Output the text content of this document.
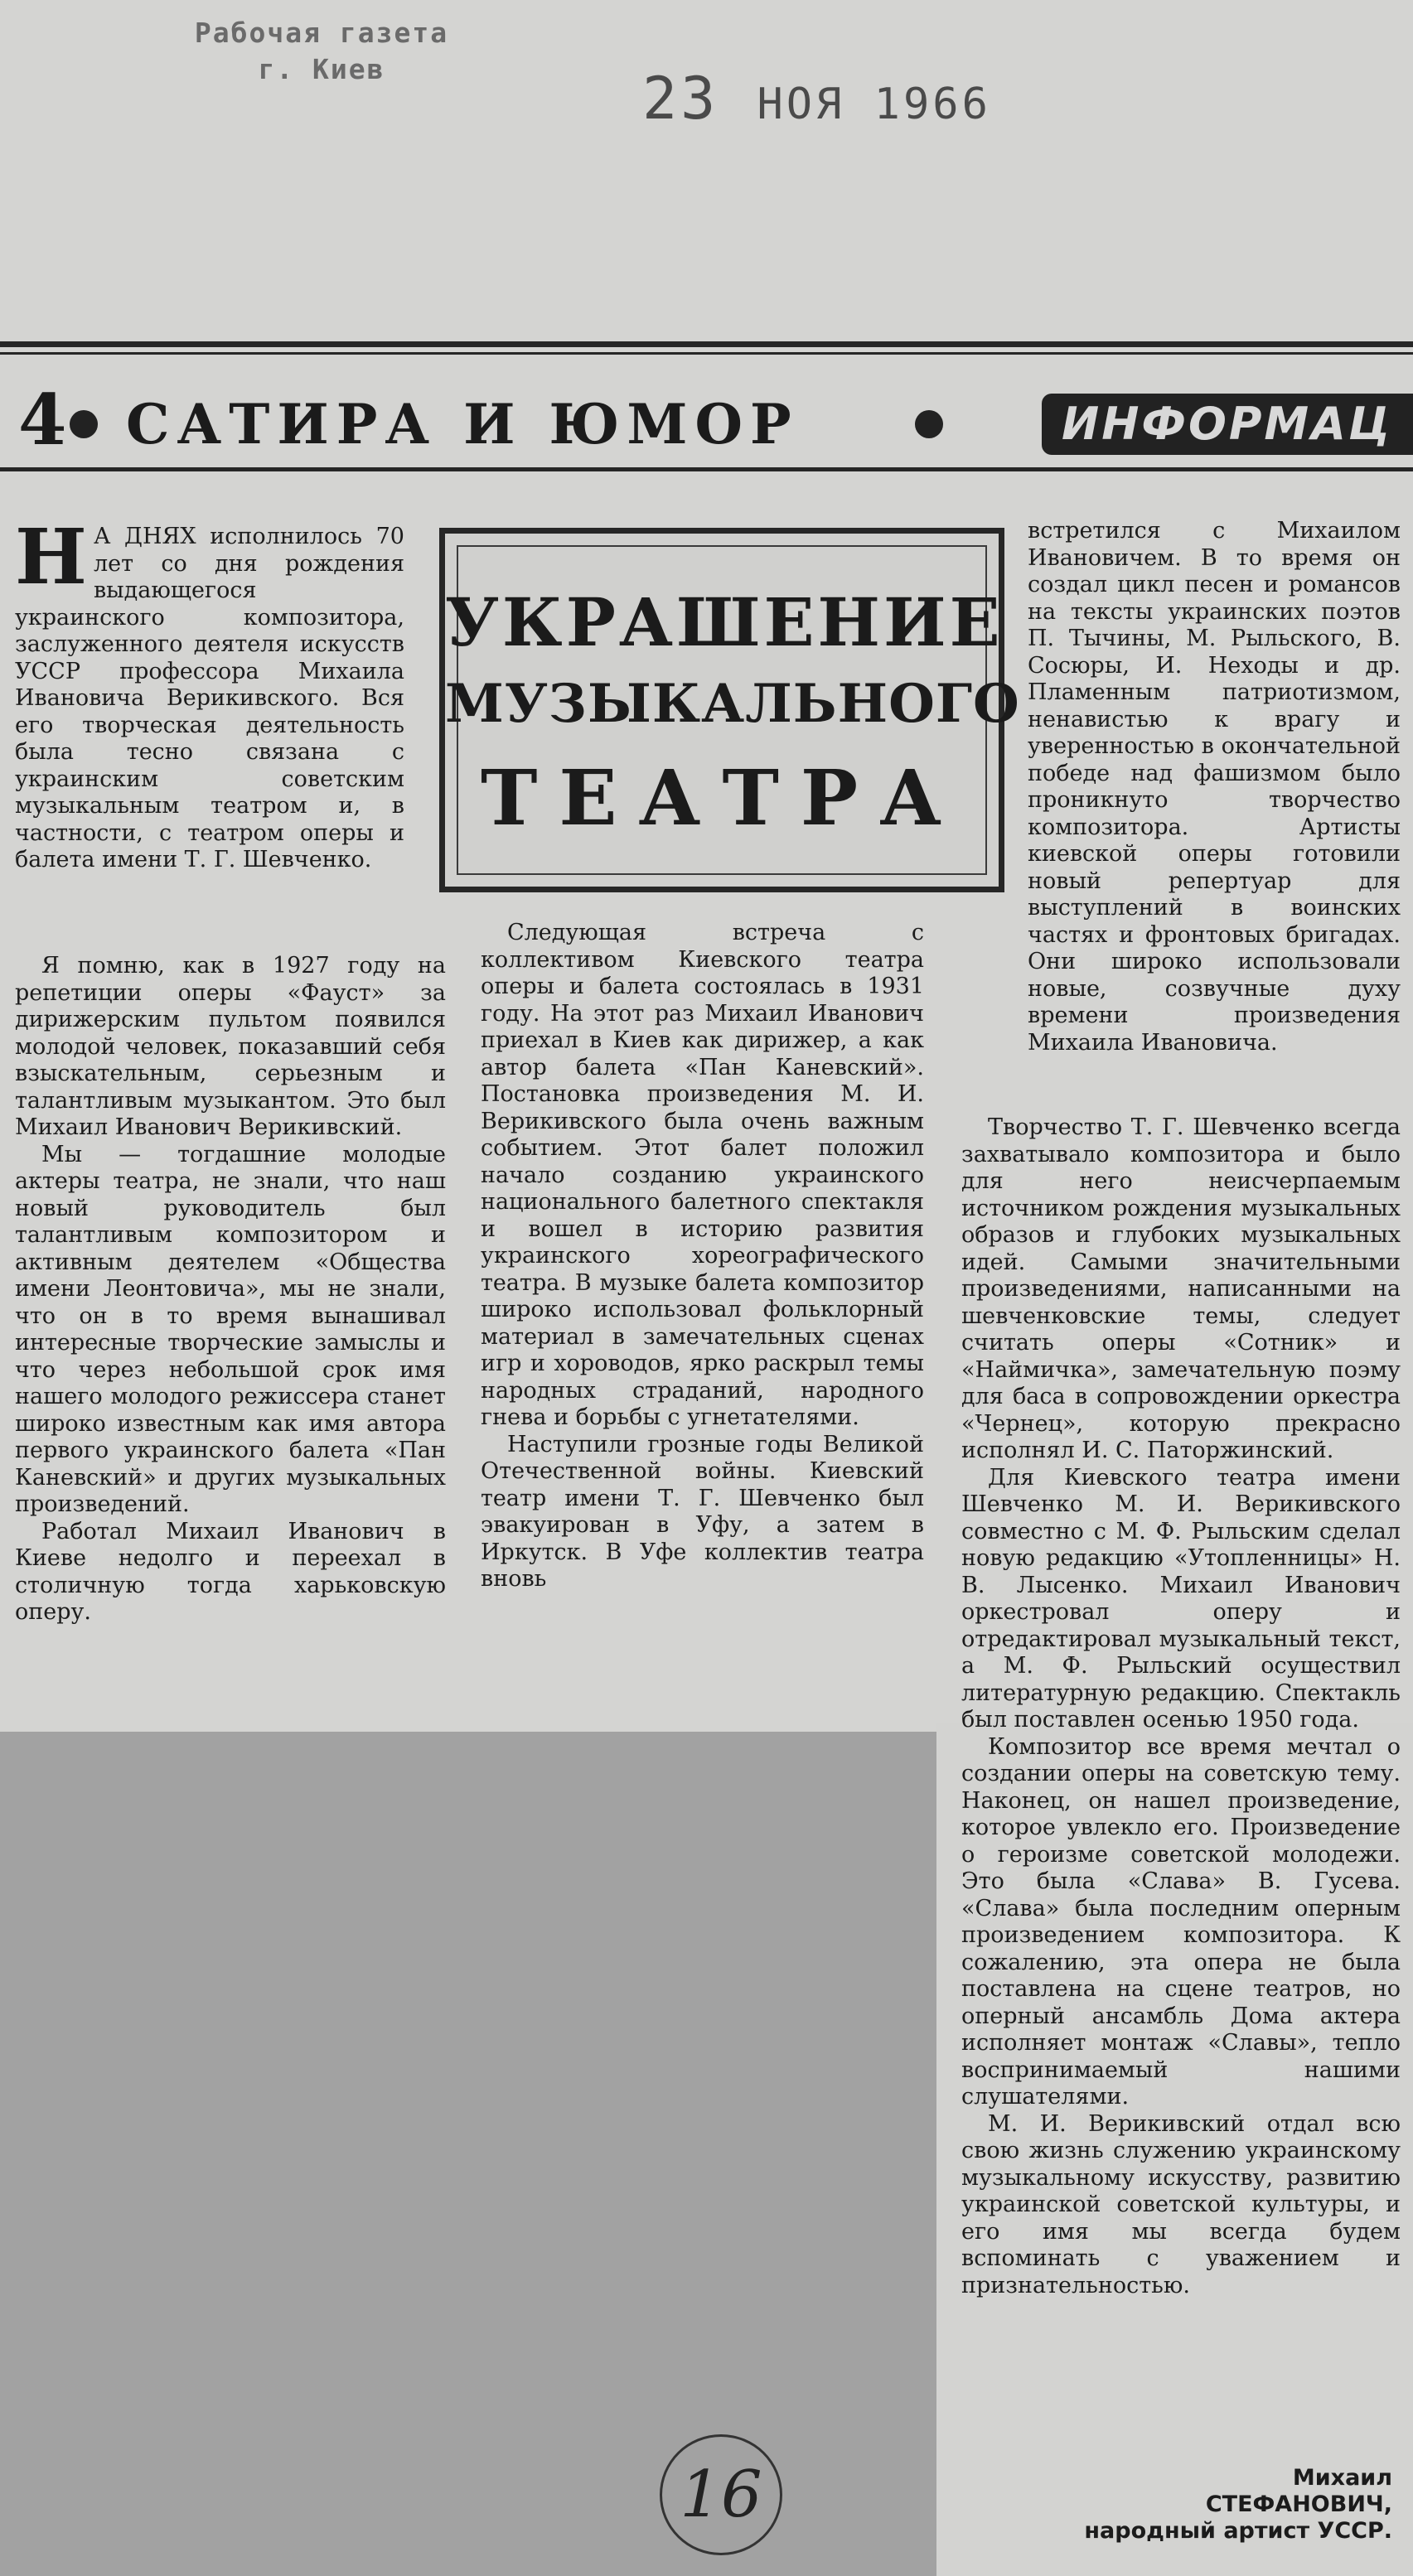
Рабочая газета
г. Киев	23 НОЯ 1966
4 САТИРА И ЮМОР	ИНФОРМАЦ
УКРАШЕНИЕ
МУЗЫКАЛЬНОГО
ТЕАТРА

Н А ДНЯХ исполнилось 70 лет со дня рождения выдающегося украинского композитора, заслуженного деятеля искусств УССР профессора Михаила Ивановича Верикивского. Вся его творческая деятельность была тесно связана с украинским советским музыкальным театром и, в частности, с театром оперы и балета имени Т. Г. Шевченко.

Я помню, как в 1927 году на репетиции оперы «Фауст» за дирижерским пультом появился молодой человек, показавший себя взыскательным, серьезным и талантливым музыкантом. Это был Михаил Иванович Верикивский.

Мы — тогдашние молодые актеры театра, не знали, что наш новый руководитель был талантливым композитором и активным деятелем «Общества имени Леонтовича», мы не знали, что он в то время вынашивал интересные творческие замыслы и что через небольшой срок имя нашего молодого режиссера станет широко известным как имя автора первого украинского балета «Пан Каневский» и других музыкальных произведений.

Работал Михаил Иванович в Киеве недолго и переехал в столичную тогда харьковскую оперу.

Следующая встреча с коллективом Киевского театра оперы и балета состоялась в 1931 году. На этот раз Михаил Иванович приехал в Киев как дирижер, а как автор балета «Пан Каневский». Постановка произведения М. И. Верикивского была очень важным событием. Этот балет положил начало созданию украинского национального балетного спектакля и вошел в историю развития украинского хореографического театра. В музыке балета композитор широко использовал фольклорный материал в замечательных сценах игр и хороводов, ярко раскрыл темы народных страданий, народного гнева и борьбы с угнетателями.

Наступили грозные годы Великой Отечественной войны. Киевский театр имени Т. Г. Шевченко был эвакуирован в Уфу, а затем в Иркутск. В Уфе коллектив театра вновь

встретился с Михаилом Ивановичем. В то время он создал цикл песен и романсов на тексты украинских поэтов П. Тычины, М. Рыльского, В. Сосюры, И. Неходы и др. Пламенным патриотизмом, ненавистью к врагу и уверенностью в окончательной победе над фашизмом было проникнуто творчество композитора. Артисты киевской оперы готовили новый репертуар для выступлений в воинских частях и фронтовых бригадах. Они широко использовали новые, созвучные духу времени произведения Михаила Ивановича.

Творчество Т. Г. Шевченко всегда захватывало композитора и было для него неисчерпаемым источником рождения музыкальных образов и глубоких музыкальных идей. Самыми значительными произведениями, написанными на шевченковские темы, следует считать оперы «Сотник» и «Наймичка», замечательную поэму для баса в сопровождении оркестра «Чернец», которую прекрасно исполнял И. С. Паторжинский.

Для Киевского театра имени Шевченко М. И. Верикивского совместно с М. Ф. Рыльским сделал новую редакцию «Утопленницы» Н. В. Лысенко. Михаил Иванович оркестровал оперу и отредактировал музыкальный текст, а М. Ф. Рыльский осуществил литературную редакцию. Спектакль был поставлен осенью 1950 года.

Композитор все время мечтал о создании оперы на советскую тему. Наконец, он нашел произведение, которое увлекло его. Произведение о героизме советской молодежи. Это была «Слава» В. Гусева. «Слава» была последним оперным произведением композитора. К сожалению, эта опера не была поставлена на сцене театров, но оперный ансамбль Дома актера исполняет монтаж «Славы», тепло воспринимаемый нашими слушателями.

М. И. Верикивский отдал всю свою жизнь служению украинскому музыкальному искусству, развитию украинской советской культуры, и его имя мы всегда будем вспоминать с уважением и признательностью.

16	Михаил
СТЕФАНОВИЧ,
народный артист УССР.
